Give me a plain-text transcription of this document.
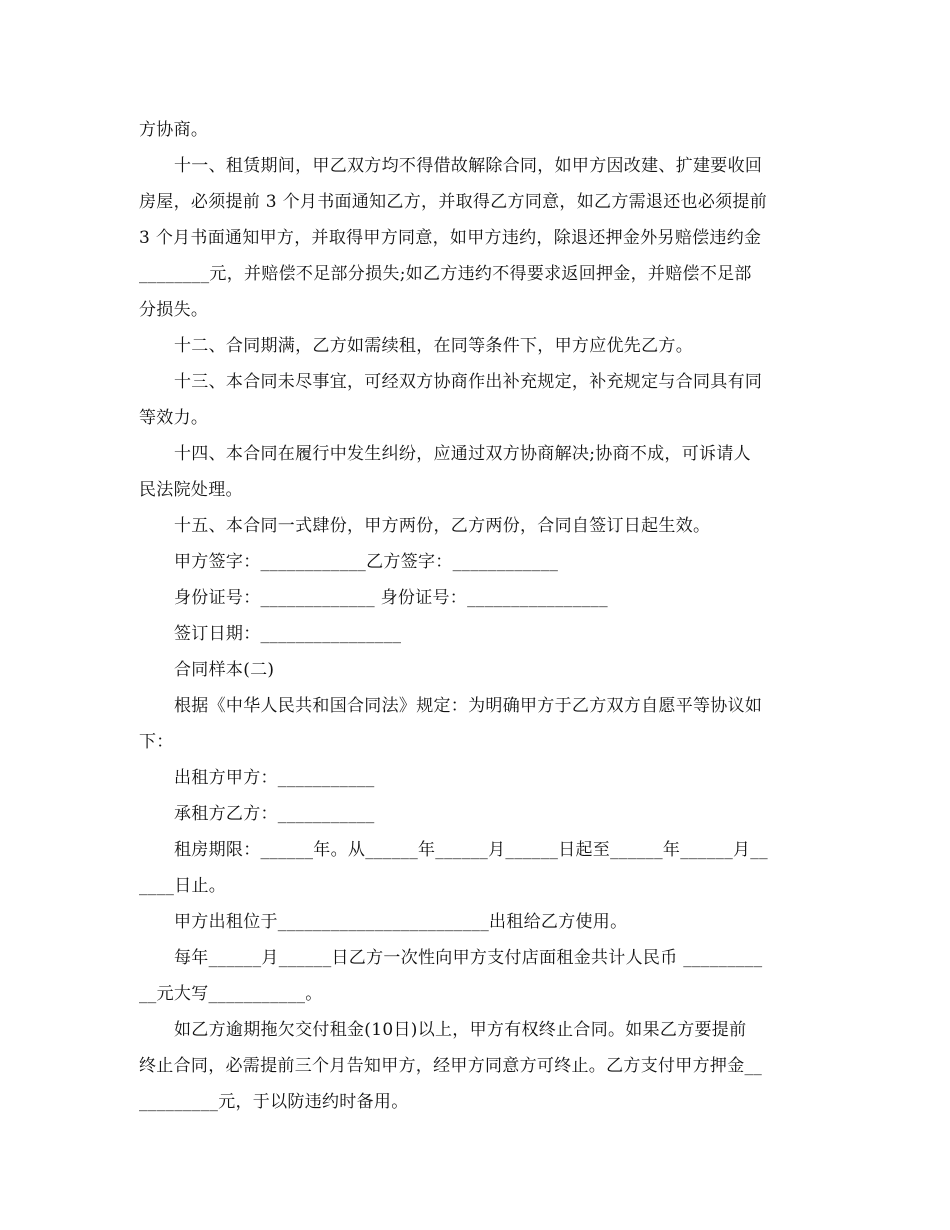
方协商。
十一、租赁期间，甲乙双方均不得借故解除合同，如甲方因改建、扩建要收回
房屋，必须提前 3 个月书面通知乙方，并取得乙方同意，如乙方需退还也必须提前
3 个月书面通知甲方，并取得甲方同意，如甲方违约，除退还押金外另赔偿违约金
________元，并赔偿不足部分损失;如乙方违约不得要求返回押金，并赔偿不足部
分损失。
十二、合同期满，乙方如需续租，在同等条件下，甲方应优先乙方。
十三、本合同未尽事宜，可经双方协商作出补充规定，补充规定与合同具有同
等效力。
十四、本合同在履行中发生纠纷，应通过双方协商解决;协商不成，可诉请人
民法院处理。
十五、本合同一式肆份，甲方两份，乙方两份，合同自签订日起生效。
甲方签字：____________乙方签字：____________
身份证号：_____________ 身份证号：________________
签订日期：________________
合同样本(二)
根据《中华人民共和国合同法》规定：为明确甲方于乙方双方自愿平等协议如
下：
出租方甲方：___________
承租方乙方：___________
租房期限：______年。从______年______月______日起至______年______月__
____日止。
甲方出租位于________________________出租给乙方使用。
每年______月______日乙方一次性向甲方支付店面租金共计人民币 _________
__元大写___________。
如乙方逾期拖欠交付租金(10日)以上，甲方有权终止合同。如果乙方要提前
终止合同，必需提前三个月告知甲方，经甲方同意方可终止。乙方支付甲方押金__
_________元，于以防违约时备用。
